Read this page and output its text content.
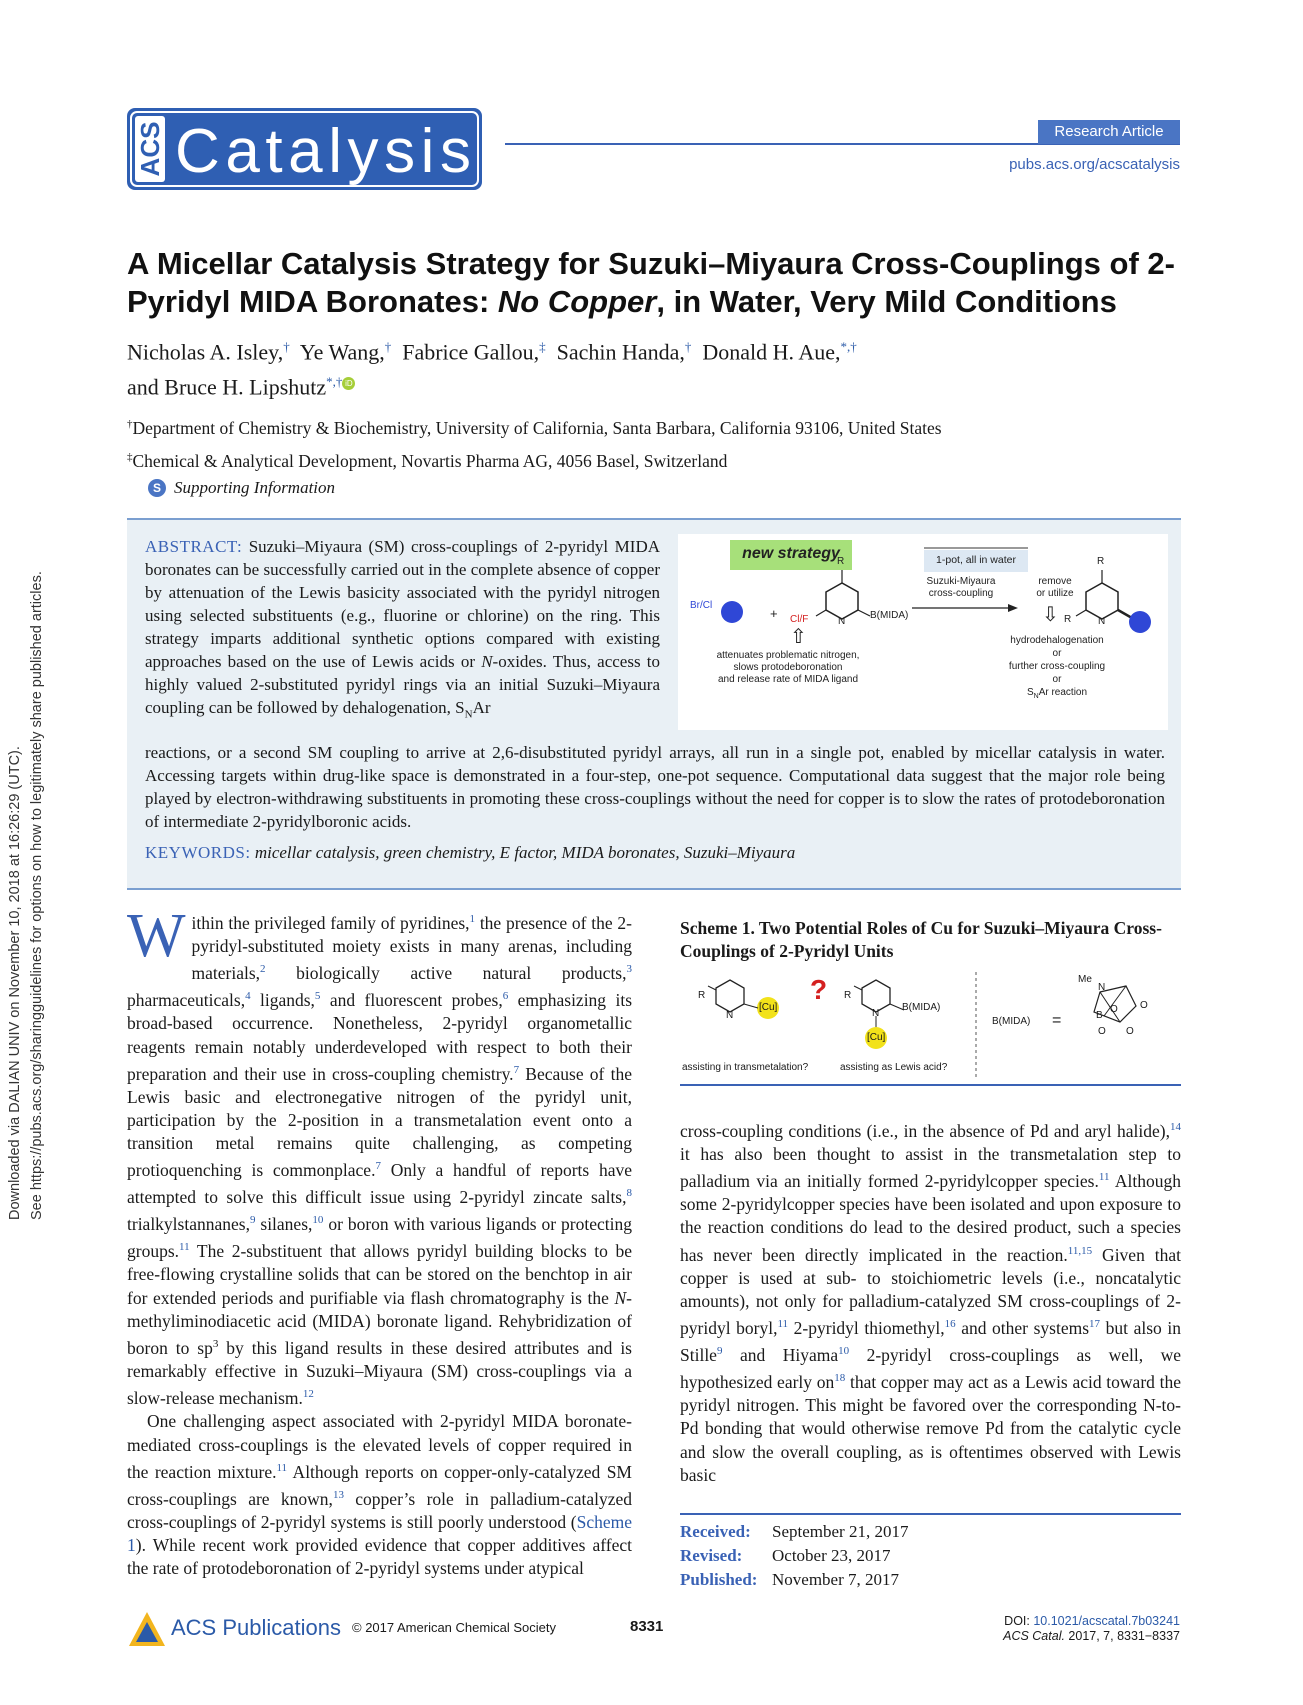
Downloaded via DALIAN UNIV on November 10, 2018 at 16:26:29 (UTC). See https://pubs.acs.org/sharingguidelines for options on how to legitimately share published articles.
ACS Catalysis	Research Article
pubs.acs.org/acscatalysis
A Micellar Catalysis Strategy for Suzuki–Miyaura Cross-Couplings of 2-Pyridyl MIDA Boronates: No Copper, in Water, Very Mild Conditions
Nicholas A. Isley,† Ye Wang,† Fabrice Gallou,‡ Sachin Handa,† Donald H. Aue,*,†
and Bruce H. Lipshutz*,† iD
†Department of Chemistry & Biochemistry, University of California, Santa Barbara, California 93106, United States
‡Chemical & Analytical Development, Novartis Pharma AG, 4056 Basel, Switzerland
S Supporting Information
ABSTRACT: Suzuki–Miyaura (SM) cross-couplings of 2-pyridyl MIDA boronates can be successfully carried out in the complete absence of copper by attenuation of the Lewis basicity associated with the pyridyl nitrogen using selected substituents (e.g., fluorine or chlorine) on the ring. This strategy imparts additional synthetic options compared with existing approaches based on the use of Lewis acids or N-oxides. Thus, access to highly valued 2-substituted pyridyl rings via an initial Suzuki–Miyaura coupling can be followed by dehalogenation, $S_NAr$
reactions, or a second SM coupling to arrive at 2,6-disubstituted pyridyl arrays, all run in a single pot, enabled by micellar catalysis in water. Accessing targets within drug-like space is demonstrated in a four-step, one-pot sequence. Computational data suggest that the major role being played by electron-withdrawing substituents in promoting these cross-couplings without the need for copper is to slow the rates of protodeboronation of intermediate 2-pyridylboronic acids.
KEYWORDS: micellar catalysis, green chemistry, E factor, MIDA boronates, Suzuki–Miyaura
new strategy	1-pot, all in water
Br/Cl
+
R
Cl/F	N
B(MIDA)
Suzuki-Miyaura
cross-coupling
remove
or utilize
R
R	N
⇧
⇩
attenuates problematic nitrogen,
slows protodeboronation
and release rate of MIDA ligand
hydrodehalogenation
or
further cross-coupling
or
$S_NAr$ reaction

Within the privileged family of pyridines,$^1$ the presence of the 2-pyridyl-substituted moiety exists in many arenas, including materials,$^2$ biologically active natural products,$^3$ pharmaceuticals,$^4$ ligands,$^5$ and fluorescent probes,$^6$ emphasizing its broad-based occurrence. Nonetheless, 2-pyridyl organometallic reagents remain notably underdeveloped with respect to both their preparation and their use in cross-coupling chemistry.$^7$ Because of the Lewis basic and electronegative nitrogen of the pyridyl unit, participation by the 2-position in a transmetalation event onto a transition metal remains quite challenging, as competing protioquenching is commonplace.$^7$ Only a handful of reports have attempted to solve this difficult issue using 2-pyridyl zincate salts,$^8$ trialkylstannanes,$^9$ silanes,$^{10}$ or boron with various ligands or protecting groups.$^{11}$ The 2-substituent that allows pyridyl building blocks to be free-flowing crystalline solids that can be stored on the benchtop in air for extended periods and purifiable via flash chromatography is the N-methyliminodiacetic acid (MIDA) boronate ligand. Rehybridization of boron to $sp^3$ by this ligand results in these desired attributes and is remarkably effective in Suzuki–Miyaura (SM) cross-couplings via a slow-release mechanism.$^{12}$

One challenging aspect associated with 2-pyridyl MIDA boronate-mediated cross-couplings is the elevated levels of copper required in the reaction mixture.$^{11}$ Although reports on copper-only-catalyzed SM cross-couplings are known,$^{13}$ copper’s role in palladium-catalyzed cross-couplings of 2-pyridyl systems is still poorly understood (Scheme 1). While recent work provided evidence that copper additives affect the rate of protodeboronation of 2-pyridyl systems under atypical

Scheme 1. Two Potential Roles of Cu for Suzuki–Miyaura Cross-Couplings of 2-Pyridyl Units
R
N
[Cu]
? R
N
B(MIDA)
[Cu]
assisting in transmetalation?	assisting as Lewis acid?
B(MIDA) =
Me
N
B
O
O
O
O

cross-coupling conditions (i.e., in the absence of Pd and aryl halide),$^{14}$ it has also been thought to assist in the transmetalation step to palladium via an initially formed 2-pyridylcopper species.$^{11}$ Although some 2-pyridylcopper species have been isolated and upon exposure to the reaction conditions do lead to the desired product, such a species has never been directly implicated in the reaction.$^{11,15}$ Given that copper is used at sub- to stoichiometric levels (i.e., noncatalytic amounts), not only for palladium-catalyzed SM cross-couplings of 2-pyridyl boryl,$^{11}$ 2-pyridyl thiomethyl,$^{16}$ and other systems$^{17}$ but also in Stille$^9$ and Hiyama$^{10}$ 2-pyridyl cross-couplings as well, we hypothesized early $on^{18}$ that copper may act as a Lewis acid toward the pyridyl nitrogen. This might be favored over the corresponding N-to-Pd bonding that would otherwise remove Pd from the catalytic cycle and slow the overall coupling, as is oftentimes observed with Lewis basic

Received: September 21, 2017
Revised: October 23, 2017
Published: November 7, 2017
ACS Publications © 2017 American Chemical Society	8331	DOI: 10.1021/acscatal.7b03241
ACS Catal. 2017, 7, 8331−8337
